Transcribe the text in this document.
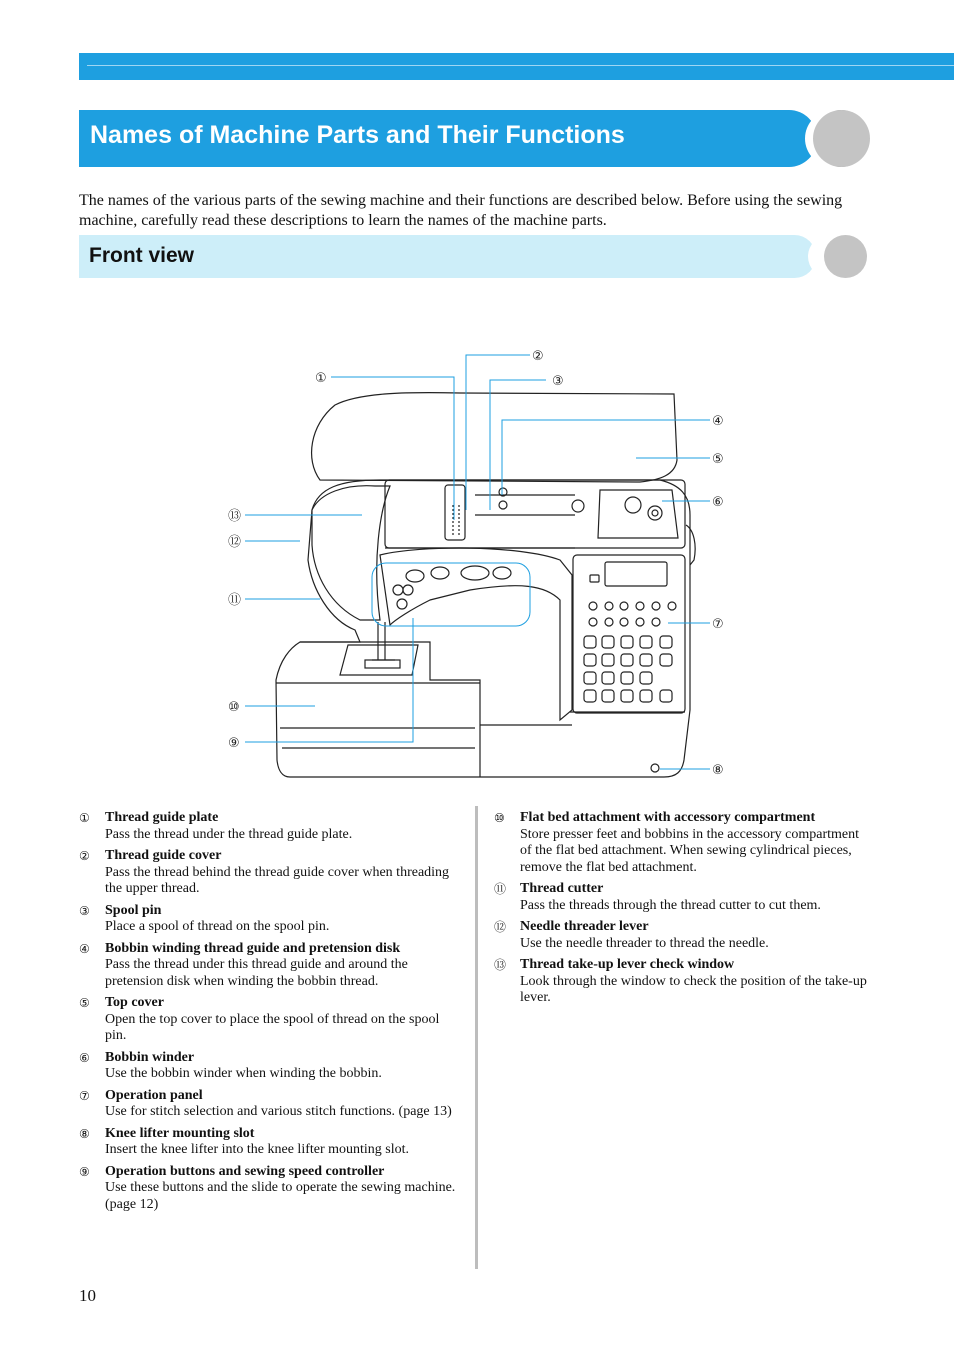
Names of Machine Parts and Their Functions

The names of the various parts of the sewing machine and their functions are described below. Before using the sewing machine, carefully read these descriptions to learn the names of the machine parts.

Front view
①
②
③
④
⑤
⑥
⑦
⑧
⑨
⑩
⑪
⑫
⑬
① Thread guide plate
Pass the thread under the thread guide plate.
② Thread guide cover
Pass the thread behind the thread guide cover when threading the upper thread.
③ Spool pin
Place a spool of thread on the spool pin.
④ Bobbin winding thread guide and pretension disk
Pass the thread under this thread guide and around the pretension disk when winding the bobbin thread.
⑤ Top cover
Open the top cover to place the spool of thread on the spool pin.
⑥ Bobbin winder
Use the bobbin winder when winding the bobbin.
⑦ Operation panel
Use for stitch selection and various stitch functions. (page 13)
⑧ Knee lifter mounting slot
Insert the knee lifter into the knee lifter mounting slot.
⑨ Operation buttons and sewing speed controller
Use these buttons and the slide to operate the sewing machine. (page 12)
⑩ Flat bed attachment with accessory compartment
Store presser feet and bobbins in the accessory compartment of the flat bed attachment. When sewing cylindrical pieces, remove the flat bed attachment.
⑪ Thread cutter
Pass the threads through the thread cutter to cut them.
⑫ Needle threader lever
Use the needle threader to thread the needle.
⑬ Thread take-up lever check window
Look through the window to check the position of the take-up lever.
10
